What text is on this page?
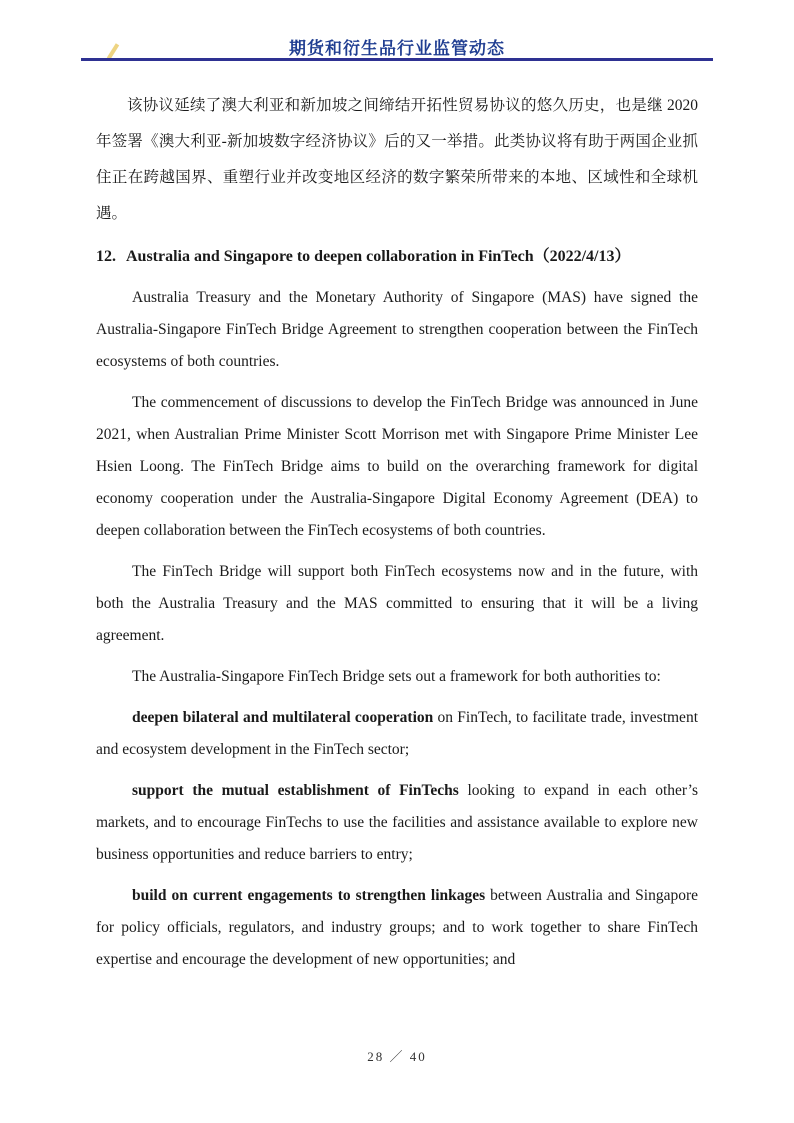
期货和衍生品行业监管动态

该协议延续了澳大利亚和新加坡之间缔结开拓性贸易协议的悠久历史，也是继 2020 年签署《澳大利亚-新加坡数字经济协议》后的又一举措。此类协议将有助于两国企业抓住正在跨越国界、重塑行业并改变地区经济的数字繁荣所带来的本地、区域性和全球机遇。

12. Australia and Singapore to deepen collaboration in FinTech（2022/4/13）

Australia Treasury and the Monetary Authority of Singapore (MAS) have signed the Australia-Singapore FinTech Bridge Agreement to strengthen cooperation between the FinTech ecosystems of both countries.

The commencement of discussions to develop the FinTech Bridge was announced in June 2021, when Australian Prime Minister Scott Morrison met with Singapore Prime Minister Lee Hsien Loong. The FinTech Bridge aims to build on the overarching framework for digital economy cooperation under the Australia-Singapore Digital Economy Agreement (DEA) to deepen collaboration between the FinTech ecosystems of both countries.

The FinTech Bridge will support both FinTech ecosystems now and in the future, with both the Australia Treasury and the MAS committed to ensuring that it will be a living agreement.

The Australia-Singapore FinTech Bridge sets out a framework for both authorities to:

deepen bilateral and multilateral cooperation on FinTech, to facilitate trade, investment and ecosystem development in the FinTech sector;

support the mutual establishment of FinTechs looking to expand in each other’s markets, and to encourage FinTechs to use the facilities and assistance available to explore new business opportunities and reduce barriers to entry;

build on current engagements to strengthen linkages between Australia and Singapore for policy officials, regulators, and industry groups; and to work together to share FinTech expertise and encourage the development of new opportunities; and

28 ／ 40
